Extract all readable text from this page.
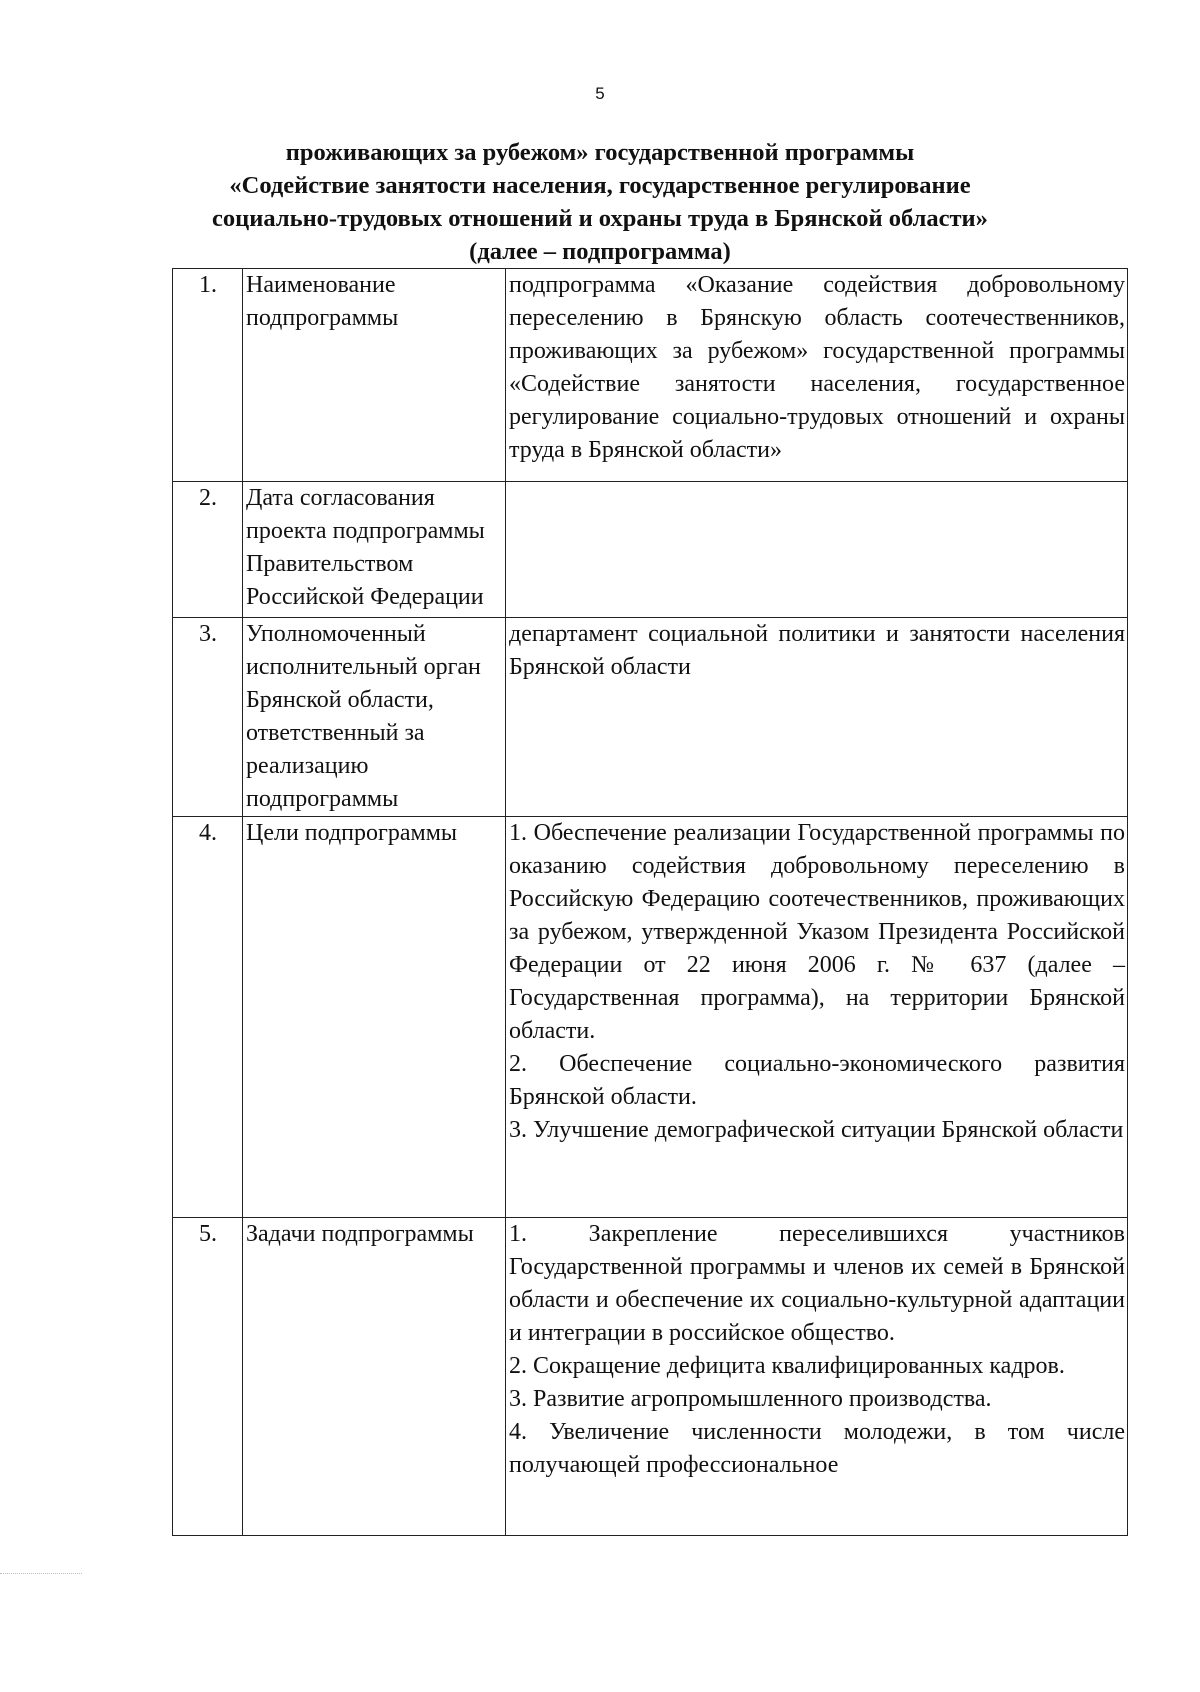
5
проживающих за рубежом» государственной программы
«Содействие занятости населения, государственное регулирование
социально-трудовых отношений и охраны труда в Брянской области»
(далее – подпрограмма)
1.	Наименование подпрограммы	подпрограмма «Оказание содействия добровольному переселению в Брянскую область соотечественников, проживающих за рубежом» государственной программы «Содействие занятости населения, государственное регулирование социально-трудовых отношений и охраны труда в Брянской области»

2.	Дата согласования проекта подпрограммы Правительством Российской Федерации	
3.	Уполномоченный исполнительный орган Брянской области, ответственный за реализацию подпрограммы	департамент социальной политики и занятости населения Брянской области

4.	Цели подпрограммы	1. Обеспечение реализации Государственной программы по оказанию содействия добровольному переселению в Российскую Федерацию соотечественников, проживающих за рубежом, утвержденной Указом Президента Российской Федерации от 22 июня 2006 г. № 637 (далее – Государственная программа), на территории Брянской области.

2. Обеспечение социально-экономического развития Брянской области.

3. Улучшение демографической ситуации Брянской области

5.	Задачи подпрограммы	1. Закрепление переселившихся участников Государственной программы и членов их семей в Брянской области и обеспечение их социально-культурной адаптации и интеграции в российское общество.

2. Сокращение дефицита квалифицированных кадров.

3. Развитие агропромышленного производства.

4. Увеличение численности молодежи, в том числе получающей профессиональное
